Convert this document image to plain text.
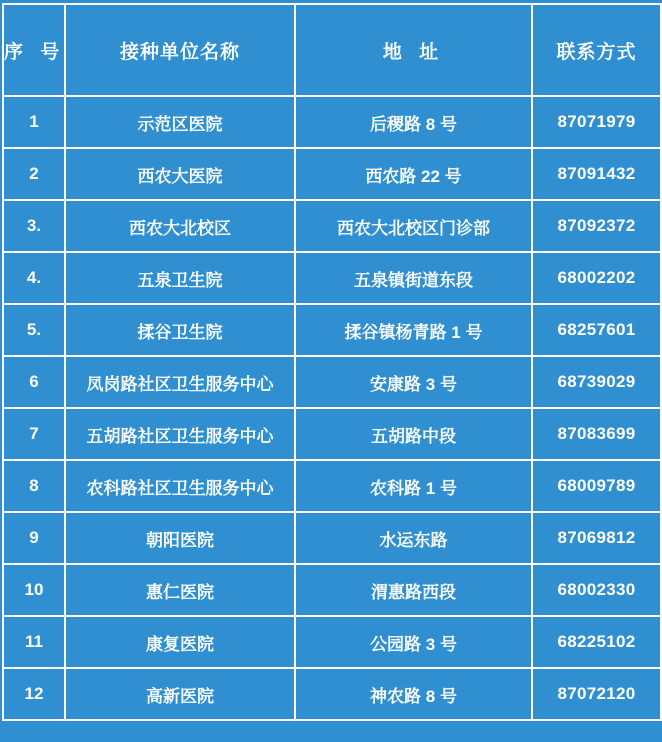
序 号	接种单位名称	地 址	联系方式
1	示范区医院	后稷路 8 号	87071979
2	西农大医院	西农路 22 号	87091432
3.	西农大北校区	西农大北校区门诊部	87092372
4.	五泉卫生院	五泉镇街道东段	68002202
5.	揉谷卫生院	揉谷镇杨青路 1 号	68257601
6	凤岗路社区卫生服务中心	安康路 3 号	68739029
7	五胡路社区卫生服务中心	五胡路中段	87083699
8	农科路社区卫生服务中心	农科路 1 号	68009789
9	朝阳医院	水运东路	87069812
10	惠仁医院	渭惠路西段	68002330
11	康复医院	公园路 3 号	68225102
12	高新医院	神农路 8 号	87072120
